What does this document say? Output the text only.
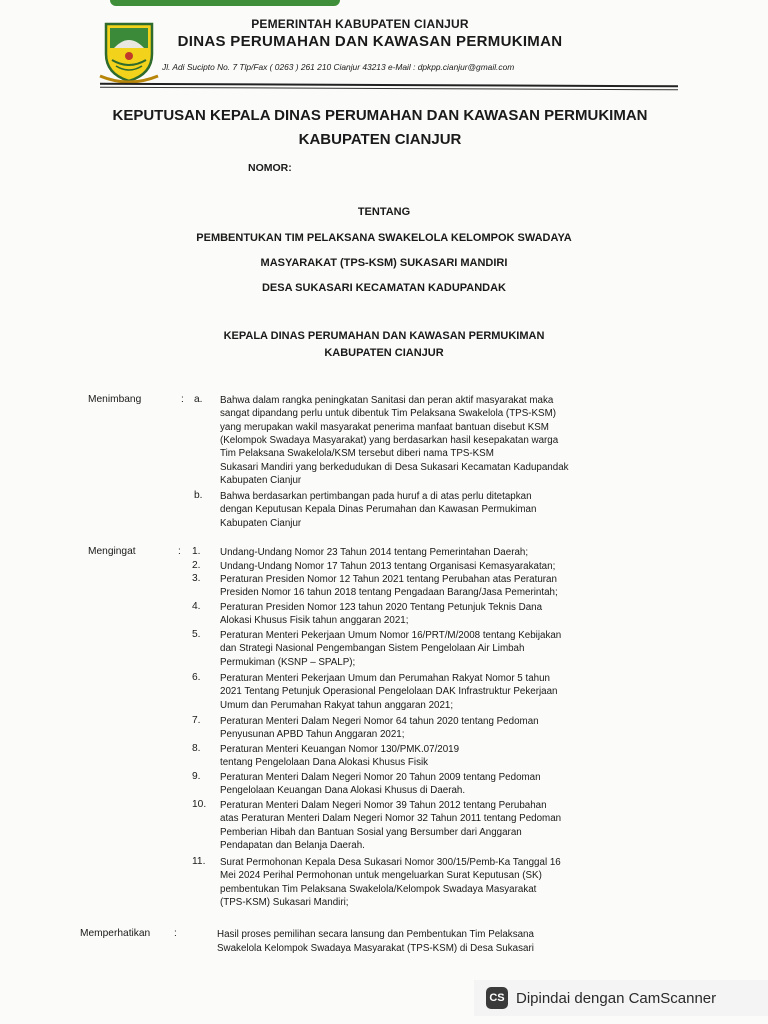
PEMERINTAH KABUPATEN CIANJUR
DINAS PERUMAHAN DAN KAWASAN PERMUKIMAN
Jl. Adi Sucipto No. 7 Tlp/Fax ( 0263 ) 261 210 Cianjur 43213 e-Mail : dpkpp.cianjur@gmail.com
KEPUTUSAN KEPALA DINAS PERUMAHAN DAN KAWASAN PERMUKIMAN
KABUPATEN CIANJUR
NOMOR:
TENTANG
PEMBENTUKAN TIM PELAKSANA SWAKELOLA KELOMPOK SWADAYA
MASYARAKAT (TPS-KSM) SUKASARI MANDIRI
DESA SUKASARI KECAMATAN KADUPANDAK
KEPALA DINAS PERUMAHAN DAN KAWASAN PERMUKIMAN
KABUPATEN CIANJUR
Menimbang	: a. Bahwa dalam rangka peningkatan Sanitasi dan peran aktif masyarakat maka
sangat dipandang perlu untuk dibentuk Tim Pelaksana Swakelola (TPS-KSM)
yang merupakan wakil masyarakat penerima manfaat bantuan disebut KSM
(Kelompok Swadaya Masyarakat) yang berdasarkan hasil kesepakatan warga
Tim Pelaksana Swakelola/KSM tersebut diberi nama TPS-KSM
Sukasari Mandiri yang berkedudukan di Desa Sukasari Kecamatan Kadupandak
Kabupaten Cianjur
b. Bahwa berdasarkan pertimbangan pada huruf a di atas perlu ditetapkan
dengan Keputusan Kepala Dinas Perumahan dan Kawasan Permukiman
Kabupaten Cianjur
Mengingat	: 1. Undang-Undang Nomor 23 Tahun 2014 tentang Pemerintahan Daerah;
2. Undang-Undang Nomor 17 Tahun 2013 tentang Organisasi Kemasyarakatan;
3. Peraturan Presiden Nomor 12 Tahun 2021 tentang Perubahan atas Peraturan
Presiden Nomor 16 tahun 2018 tentang Pengadaan Barang/Jasa Pemerintah;
4. Peraturan Presiden Nomor 123 tahun 2020 Tentang Petunjuk Teknis Dana
Alokasi Khusus Fisik tahun anggaran 2021;
5. Peraturan Menteri Pekerjaan Umum Nomor 16/PRT/M/2008 tentang Kebijakan
dan Strategi Nasional Pengembangan Sistem Pengelolaan Air Limbah
Permukiman (KSNP – SPALP);
6. Peraturan Menteri Pekerjaan Umum dan Perumahan Rakyat Nomor 5 tahun
2021 Tentang Petunjuk Operasional Pengelolaan DAK Infrastruktur Pekerjaan
Umum dan Perumahan Rakyat tahun anggaran 2021;
7. Peraturan Menteri Dalam Negeri Nomor 64 tahun 2020 tentang Pedoman
Penyusunan APBD Tahun Anggaran 2021;
8. Peraturan Menteri Keuangan Nomor 130/PMK.07/2019
tentang Pengelolaan Dana Alokasi Khusus Fisik
9. Peraturan Menteri Dalam Negeri Nomor 20 Tahun 2009 tentang Pedoman
Pengelolaan Keuangan Dana Alokasi Khusus di Daerah.
10. Peraturan Menteri Dalam Negeri Nomor 39 Tahun 2012 tentang Perubahan
atas Peraturan Menteri Dalam Negeri Nomor 32 Tahun 2011 tentang Pedoman
Pemberian Hibah dan Bantuan Sosial yang Bersumber dari Anggaran
Pendapatan dan Belanja Daerah.
11. Surat Permohonan Kepala Desa Sukasari Nomor 300/15/Pemb-Ka Tanggal 16
Mei 2024 Perihal Permohonan untuk mengeluarkan Surat Keputusan (SK)
pembentukan Tim Pelaksana Swakelola/Kelompok Swadaya Masyarakat
(TPS-KSM) Sukasari Mandiri;
Memperhatikan :	Hasil proses pemilihan secara lansung dan Pembentukan Tim Pelaksana
Swakelola Kelompok Swadaya Masyarakat (TPS-KSM) di Desa Sukasari
CS Dipindai dengan CamScanner
